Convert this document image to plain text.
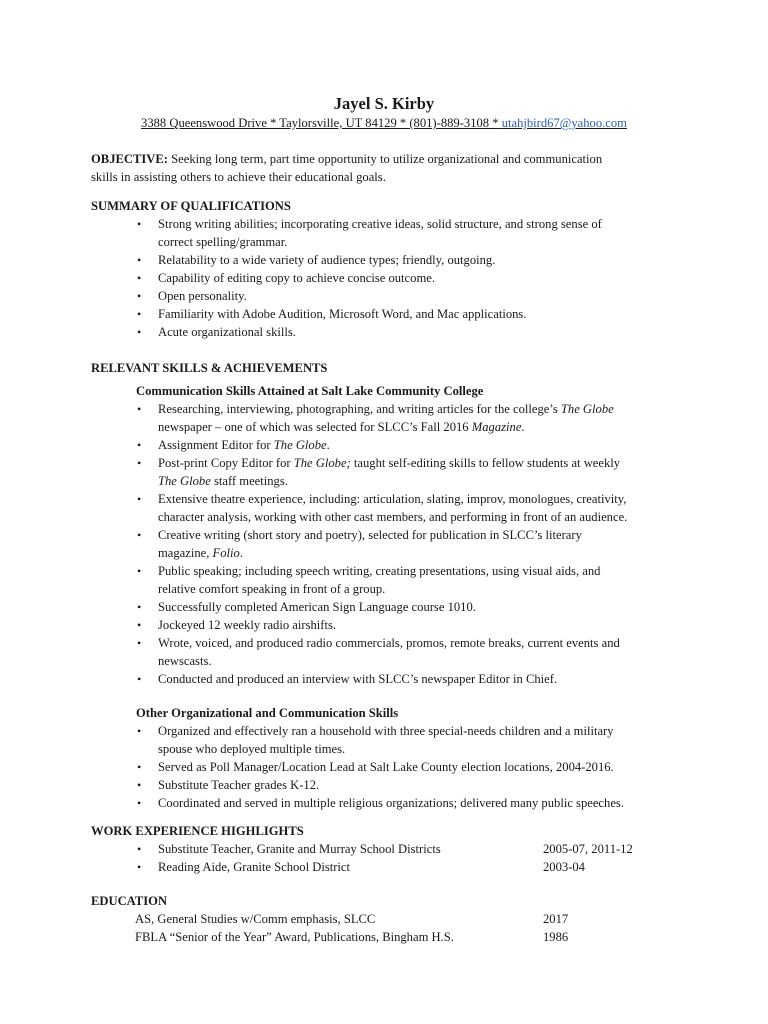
Jayel S. Kirby
3388 Queenswood Drive * Taylorsville, UT 84129 * (801)-889-3108 * utahjbird67@yahoo.com
OBJECTIVE: Seeking long term, part time opportunity to utilize organizational and communication
skills in assisting others to achieve their educational goals.
SUMMARY OF QUALIFICATIONS
• Strong writing abilities; incorporating creative ideas, solid structure, and strong sense of
correct spelling/grammar.
• Relatability to a wide variety of audience types; friendly, outgoing.
• Capability of editing copy to achieve concise outcome.
• Open personality.
• Familiarity with Adobe Audition, Microsoft Word, and Mac applications.
• Acute organizational skills.
RELEVANT SKILLS & ACHIEVEMENTS
Communication Skills Attained at Salt Lake Community College
• Researching, interviewing, photographing, and writing articles for the college’s The Globe
newspaper – one of which was selected for SLCC’s Fall 2016 Magazine.
• Assignment Editor for The Globe.
• Post-print Copy Editor for The Globe; taught self-editing skills to fellow students at weekly
The Globe staff meetings.
• Extensive theatre experience, including: articulation, slating, improv, monologues, creativity,
character analysis, working with other cast members, and performing in front of an audience.
• Creative writing (short story and poetry), selected for publication in SLCC’s literary
magazine, Folio.
• Public speaking; including speech writing, creating presentations, using visual aids, and
relative comfort speaking in front of a group.
• Successfully completed American Sign Language course 1010.
• Jockeyed 12 weekly radio airshifts.
• Wrote, voiced, and produced radio commercials, promos, remote breaks, current events and
newscasts.
• Conducted and produced an interview with SLCC’s newspaper Editor in Chief.
Other Organizational and Communication Skills
• Organized and effectively ran a household with three special-needs children and a military
spouse who deployed multiple times.
• Served as Poll Manager/Location Lead at Salt Lake County election locations, 2004-2016.
• Substitute Teacher grades K-12.
• Coordinated and served in multiple religious organizations; delivered many public speeches.
WORK EXPERIENCE HIGHLIGHTS
• Substitute Teacher, Granite and Murray School Districts	2005-07, 2011-12
• Reading Aide, Granite School District	2003-04
EDUCATION
AS, General Studies w/Comm emphasis, SLCC	2017
FBLA “Senior of the Year” Award, Publications, Bingham H.S.	1986
